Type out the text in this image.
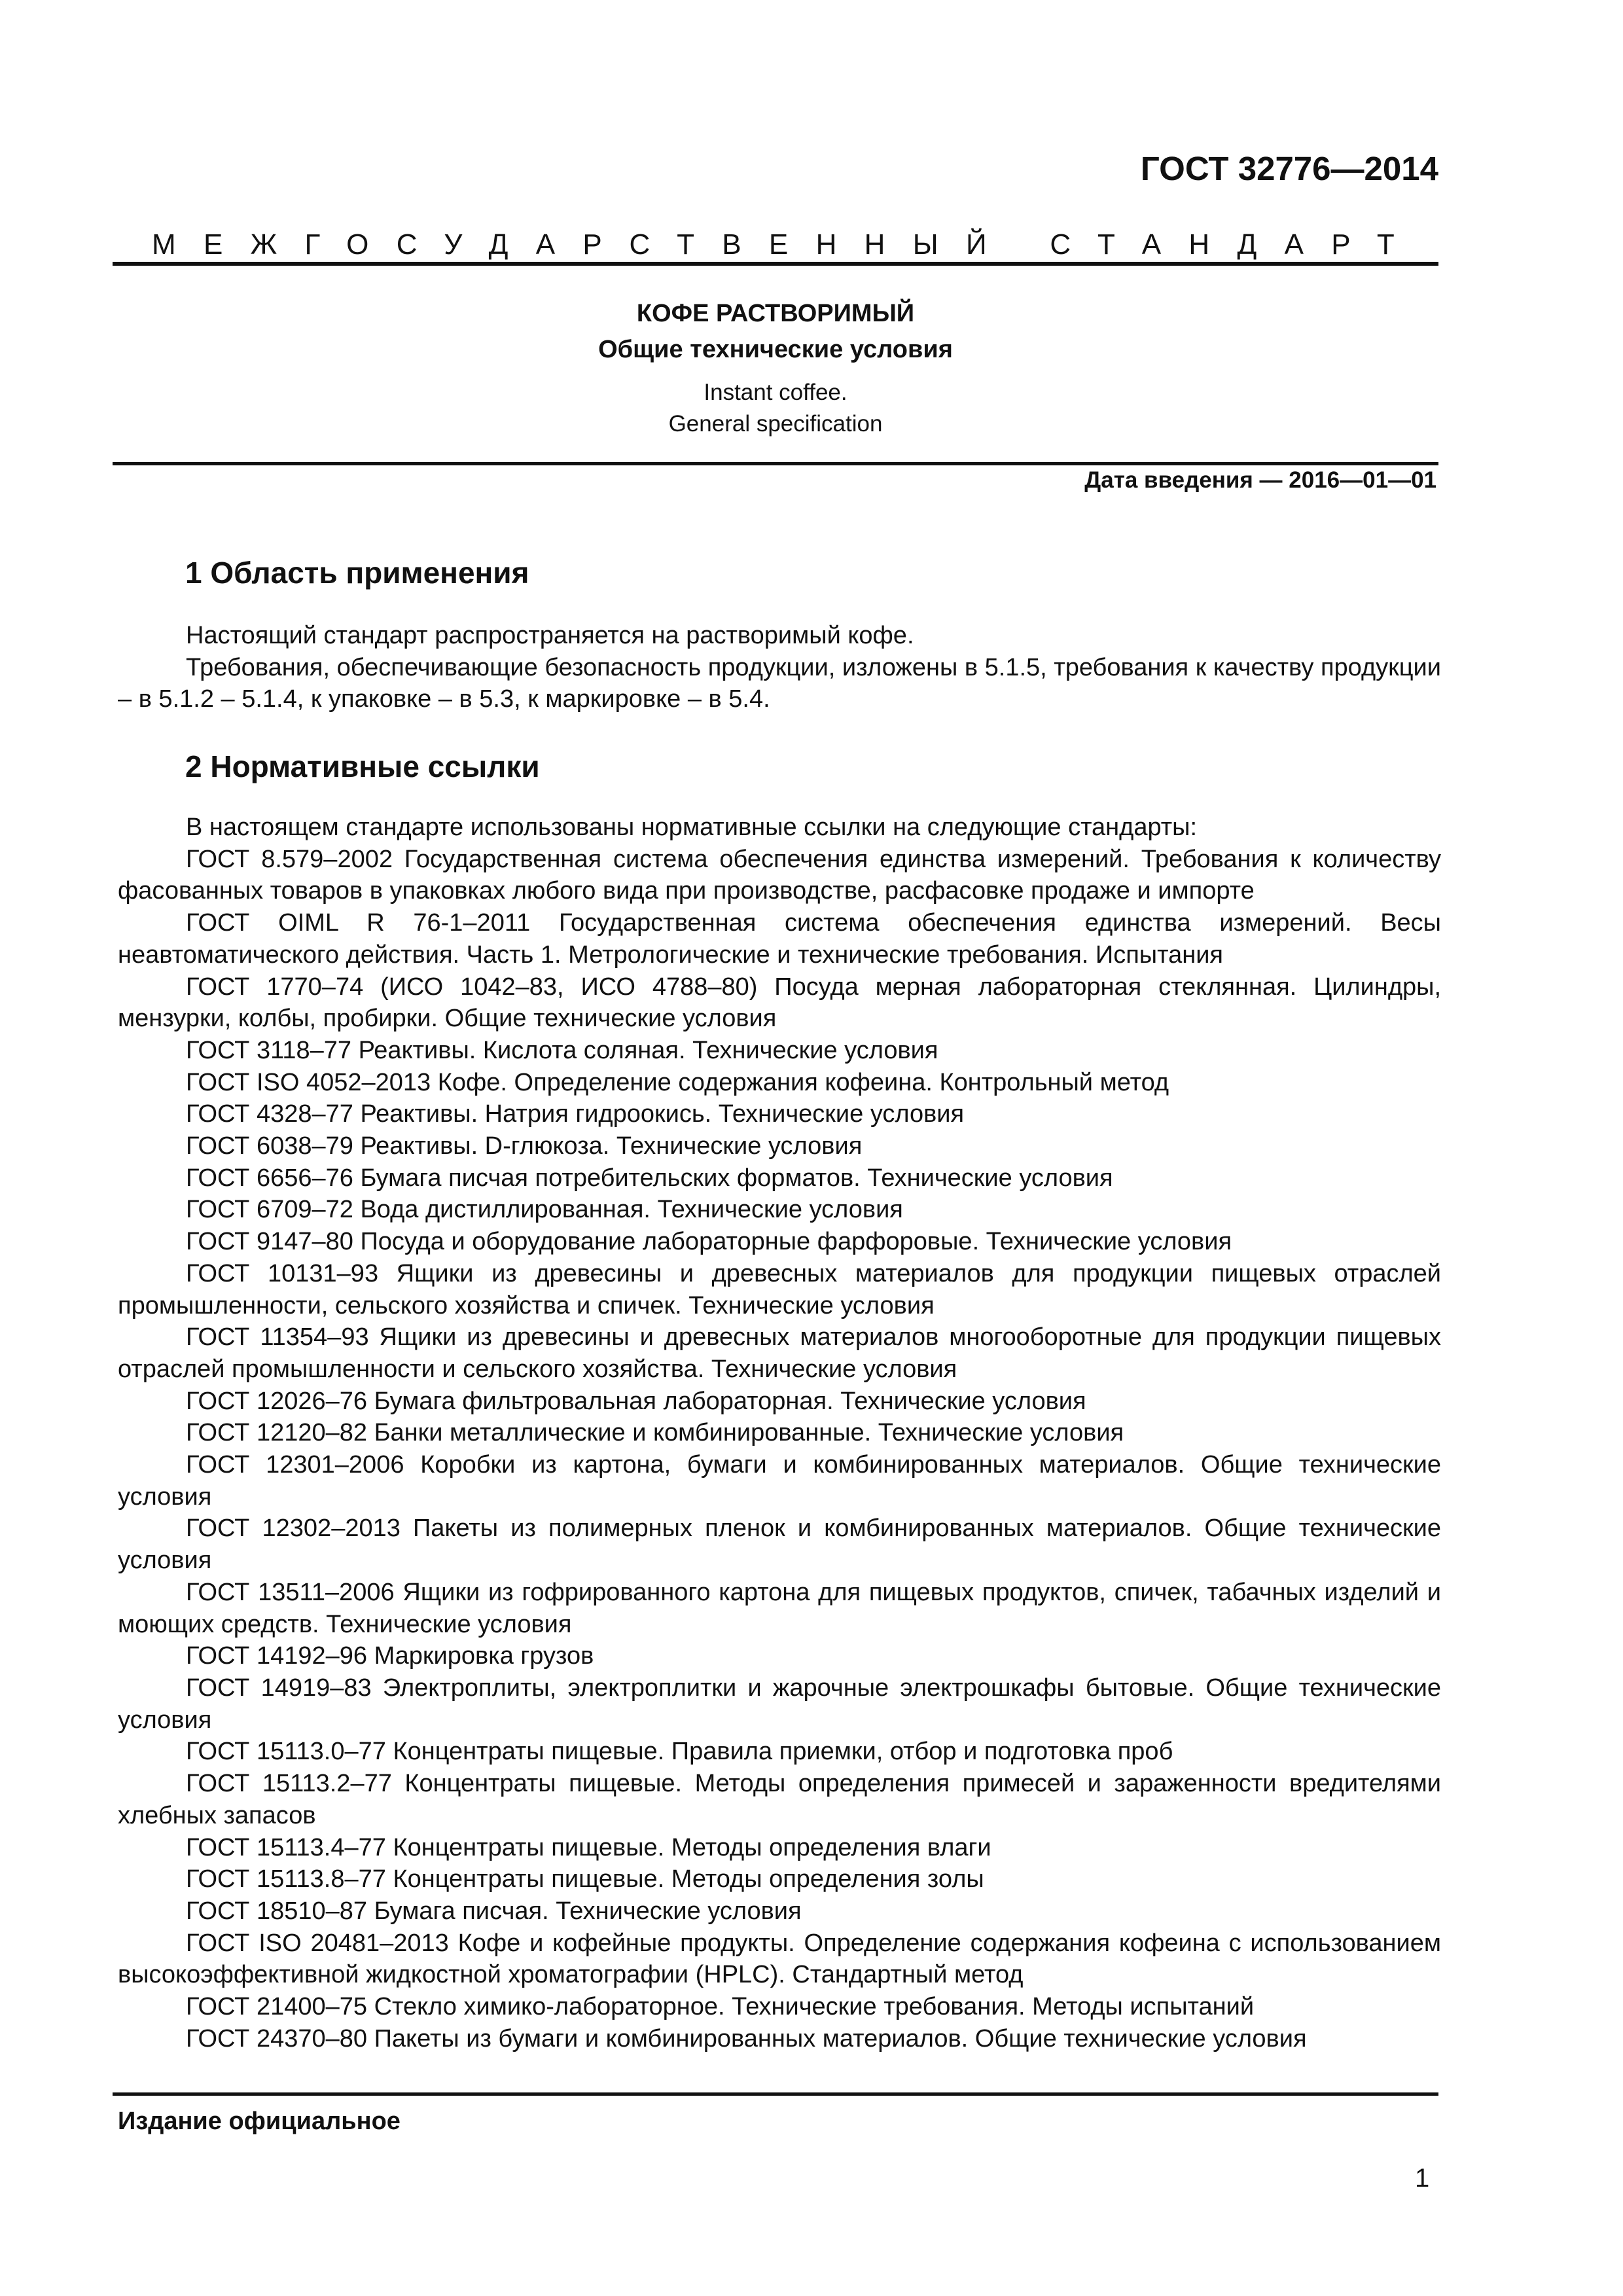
ГОСТ 32776—2014
МЕЖГОСУДАРСТВЕННЫЙ СТАНДАРТ
КОФЕ РАСТВОРИМЫЙ
Общие технические условия
Instant coffee.
General specification
Дата введения — 2016—01—01
1 Область применения

Настоящий стандарт распространяется на растворимый кофе.

Требования, обеспечивающие безопасность продукции, изложены в 5.1.5, требования к качеству продукции – в 5.1.2 – 5.1.4, к упаковке – в 5.3, к маркировке – в 5.4.

2 Нормативные ссылки

В настоящем стандарте использованы нормативные ссылки на следующие стандарты:

ГОСТ 8.579–2002 Государственная система обеспечения единства измерений. Требования к количеству фасованных товаров в упаковках любого вида при производстве, расфасовке продаже и импорте

ГОСТ OIML R 76-1–2011 Государственная система обеспечения единства измерений. Весы неавтоматического действия. Часть 1. Метрологические и технические требования. Испытания

ГОСТ 1770–74 (ИСО 1042–83, ИСО 4788–80) Посуда мерная лабораторная стеклянная. Цилиндры, мензурки, колбы, пробирки. Общие технические условия

ГОСТ 3118–77 Реактивы. Кислота соляная. Технические условия

ГОСТ ISO 4052–2013 Кофе. Определение содержания кофеина. Контрольный метод

ГОСТ 4328–77 Реактивы. Натрия гидроокись. Технические условия

ГОСТ 6038–79 Реактивы. D-глюкоза. Технические условия

ГОСТ 6656–76 Бумага писчая потребительских форматов. Технические условия

ГОСТ 6709–72 Вода дистиллированная. Технические условия

ГОСТ 9147–80 Посуда и оборудование лабораторные фарфоровые. Технические условия

ГОСТ 10131–93 Ящики из древесины и древесных материалов для продукции пищевых отраслей промышленности, сельского хозяйства и спичек. Технические условия

ГОСТ 11354–93 Ящики из древесины и древесных материалов многооборотные для продукции пищевых отраслей промышленности и сельского хозяйства. Технические условия

ГОСТ 12026–76 Бумага фильтровальная лабораторная. Технические условия

ГОСТ 12120–82 Банки металлические и комбинированные. Технические условия

ГОСТ 12301–2006 Коробки из картона, бумаги и комбинированных материалов. Общие технические условия

ГОСТ 12302–2013 Пакеты из полимерных пленок и комбинированных материалов. Общие технические условия

ГОСТ 13511–2006 Ящики из гофрированного картона для пищевых продуктов, спичек, табачных изделий и моющих средств. Технические условия

ГОСТ 14192–96 Маркировка грузов

ГОСТ 14919–83 Электроплиты, электроплитки и жарочные электрошкафы бытовые. Общие технические условия

ГОСТ 15113.0–77 Концентраты пищевые. Правила приемки, отбор и подготовка проб

ГОСТ 15113.2–77 Концентраты пищевые. Методы определения примесей и зараженности вредителями хлебных запасов

ГОСТ 15113.4–77 Концентраты пищевые. Методы определения влаги

ГОСТ 15113.8–77 Концентраты пищевые. Методы определения золы

ГОСТ 18510–87 Бумага писчая. Технические условия

ГОСТ ISO 20481–2013 Кофе и кофейные продукты. Определение содержания кофеина с использованием высокоэффективной жидкостной хроматографии (HPLC). Стандартный метод

ГОСТ 21400–75 Стекло химико-лабораторное. Технические требования. Методы испытаний

ГОСТ 24370–80 Пакеты из бумаги и комбинированных материалов. Общие технические условия

Издание официальное
1
